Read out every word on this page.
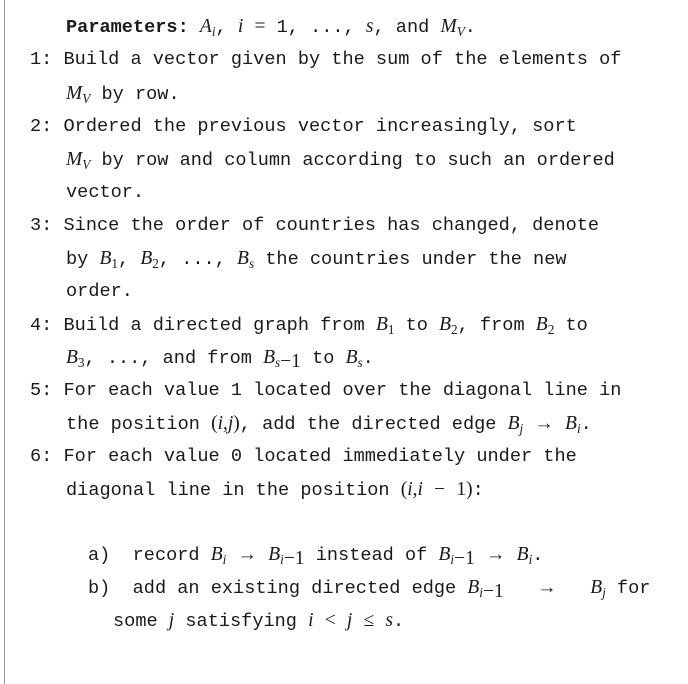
Parameters: $A_i$, i = 1, ..., s, and $M_V$.
1: Build a vector given by the sum of the elements of
$M_V$ by row.
2: Ordered the previous vector increasingly, sort
$M_V$ by row and column according to such an ordered
vector.
3: Since the order of countries has changed, denote
by $B_1$, $B_2$, ..., $B_s$ the countries under the new
order.
4: Build a directed graph from $B_1$ to $B_2$, from $B_2$ to
$B_3$, ..., and from $B_{s-1}$ to $B_s$.
5: For each value 1 located over the diagonal line in
the position (i,j), add the directed edge $B_j \to B_i$.
6: For each value 0 located immediately under the
diagonal line in the position (i,i − 1):
a)  record $B_i \to B_{i-1}$ instead of $B_{i-1} \to B_i$.
b)  add an existing directed edge $B_{i-1} \to B_j$ for
some j satisfying i < j ≤ s.
